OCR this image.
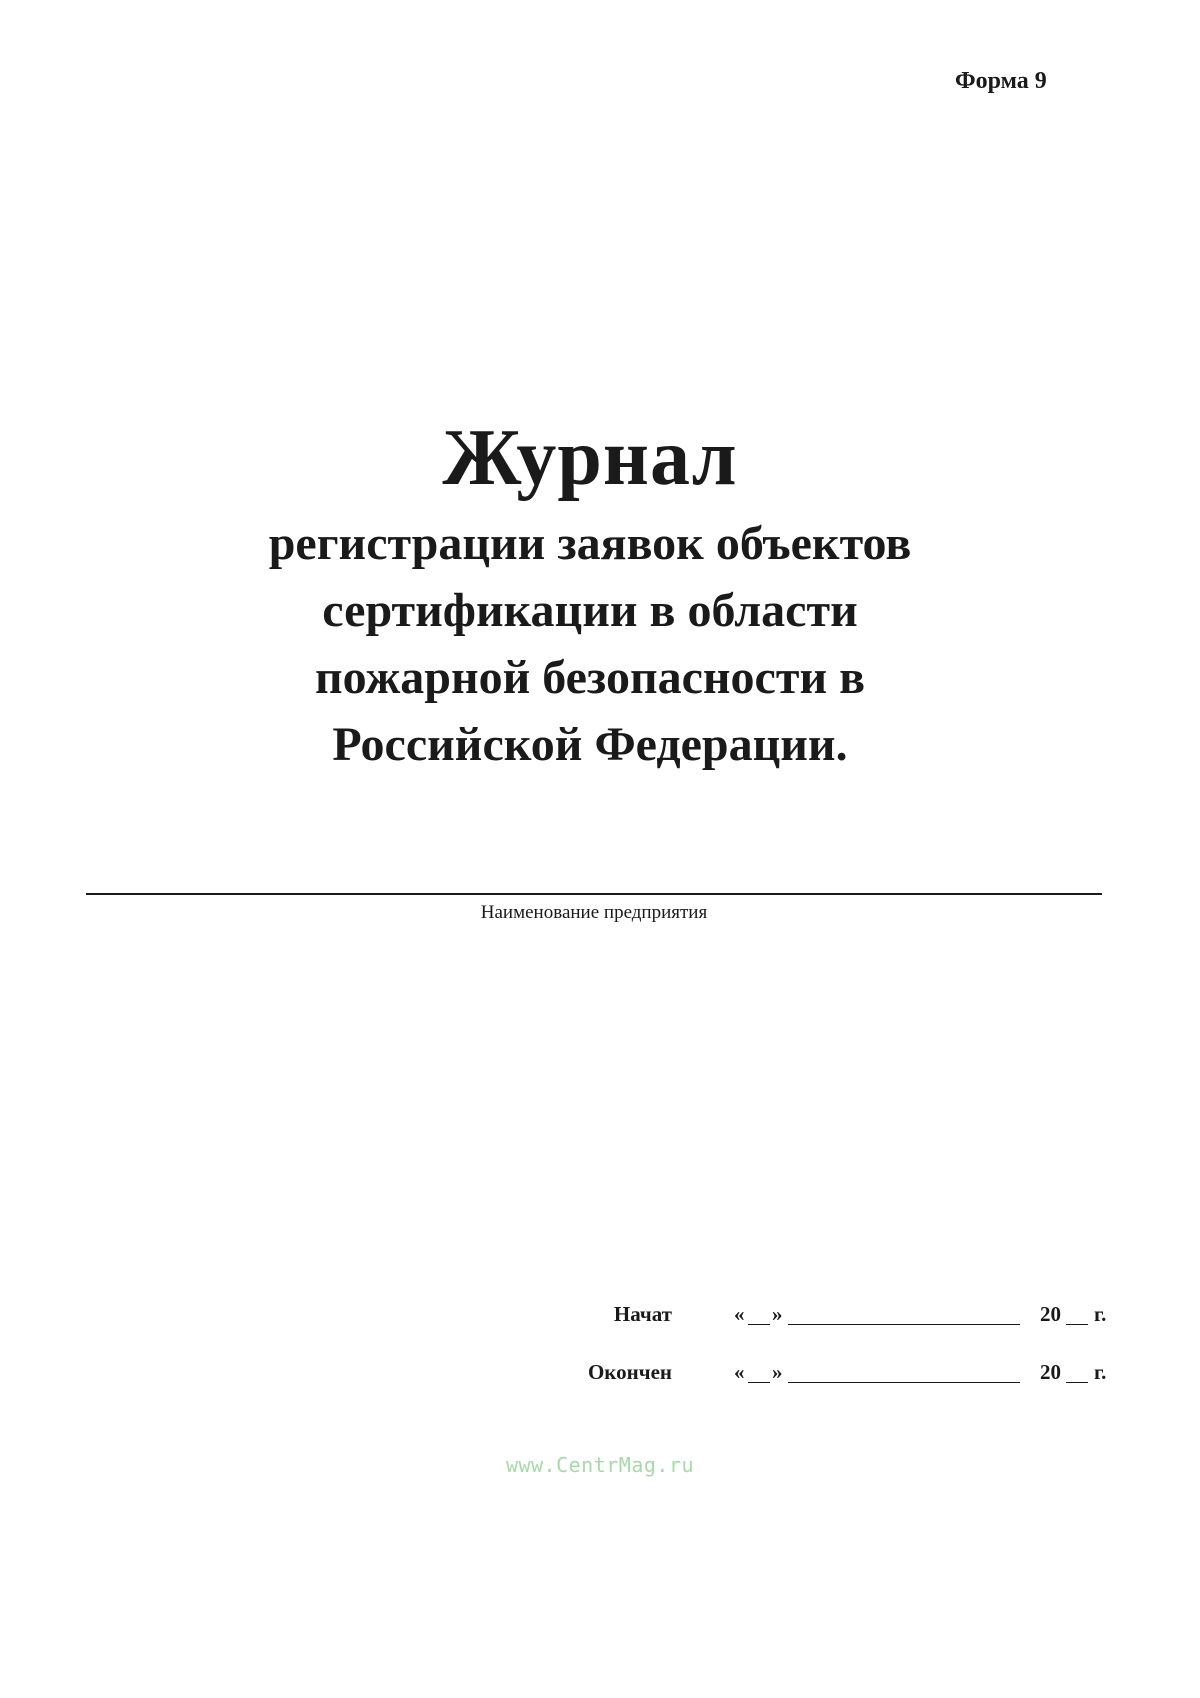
Форма 9
Журнал
регистрации заявок объектов
сертификации в области
пожарной безопасности в
Российской Федерации.
Наименование предприятия
Начат	« »	20 г.
Окончен	« »	20 г.
www.CentrMag.ru
